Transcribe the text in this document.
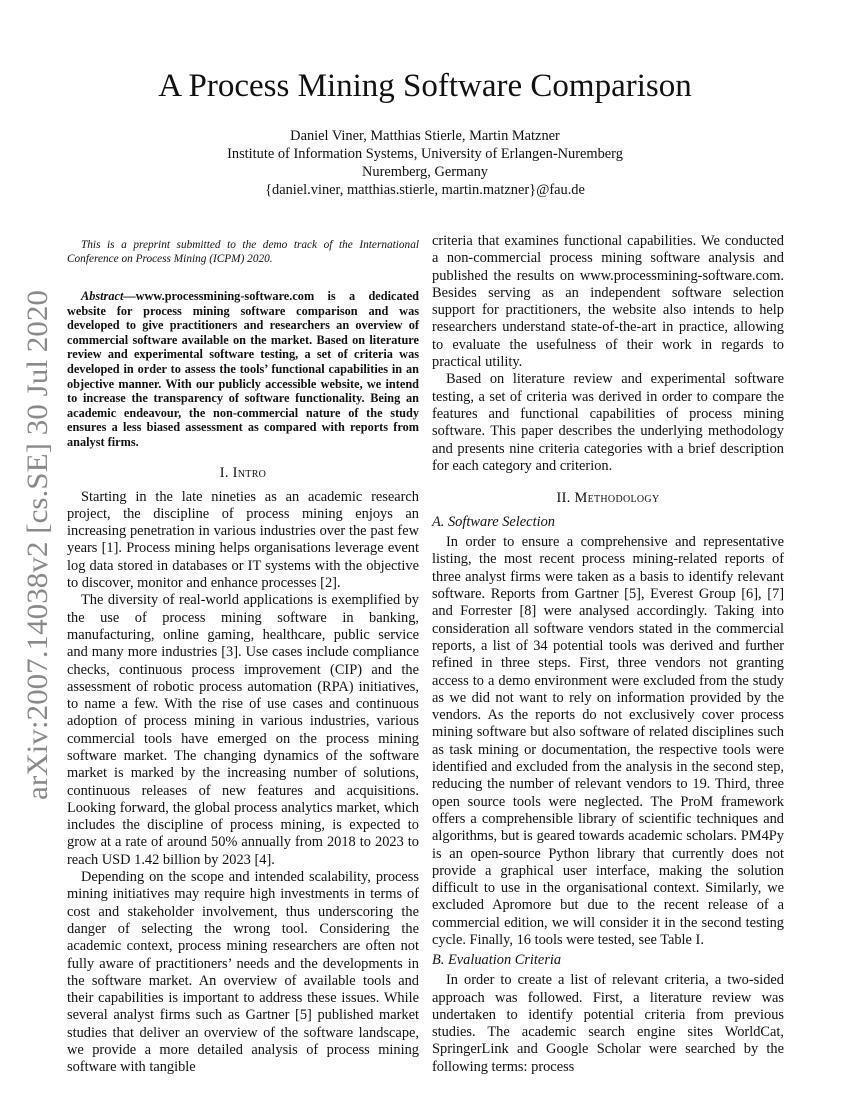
arXiv:2007.14038v2 [cs.SE] 30 Jul 2020
A Process Mining Software Comparison
Daniel Viner, Matthias Stierle, Martin Matzner
Institute of Information Systems, University of Erlangen-Nuremberg
Nuremberg, Germany
{daniel.viner, matthias.stierle, martin.matzner}@fau.de

This is a preprint submitted to the demo track of the International Conference on Process Mining (ICPM) 2020.

Abstract—www.processmining-software.com is a dedicated website for process mining software comparison and was developed to give practitioners and researchers an overview of commercial software available on the market. Based on literature review and experimental software testing, a set of criteria was developed in order to assess the tools’ functional capabilities in an objective manner. With our publicly accessible website, we intend to increase the transparency of software functionality. Being an academic endeavour, the non-commercial nature of the study ensures a less biased assessment as compared with reports from analyst firms.

I. Intro

Starting in the late nineties as an academic research project, the discipline of process mining enjoys an increasing penetration in various industries over the past few years [1]. Process mining helps organisations leverage event log data stored in databases or IT systems with the objective to discover, monitor and enhance processes [2].

The diversity of real-world applications is exemplified by the use of process mining software in banking, manufacturing, online gaming, healthcare, public service and many more industries [3]. Use cases include compliance checks, continuous process improvement (CIP) and the assessment of robotic process automation (RPA) initiatives, to name a few. With the rise of use cases and continuous adoption of process mining in various industries, various commercial tools have emerged on the process mining software market. The changing dynamics of the software market is marked by the increasing number of solutions, continuous releases of new features and acquisitions. Looking forward, the global process analytics market, which includes the discipline of process mining, is expected to grow at a rate of around 50% annually from 2018 to 2023 to reach USD 1.42 billion by 2023 [4].

Depending on the scope and intended scalability, process mining initiatives may require high investments in terms of cost and stakeholder involvement, thus underscoring the danger of selecting the wrong tool. Considering the academic context, process mining researchers are often not fully aware of practitioners’ needs and the developments in the software market. An overview of available tools and their capabilities is important to address these issues. While several analyst firms such as Gartner [5] published market studies that deliver an overview of the software landscape, we provide a more detailed analysis of process mining software with tangible

criteria that examines functional capabilities. We conducted a non-commercial process mining software analysis and published the results on www.processmining-software.com. Besides serving as an independent software selection support for practitioners, the website also intends to help researchers understand state-of-the-art in practice, allowing to evaluate the usefulness of their work in regards to practical utility.

Based on literature review and experimental software testing, a set of criteria was derived in order to compare the features and functional capabilities of process mining software. This paper describes the underlying methodology and presents nine criteria categories with a brief description for each category and criterion.

II. Methodology
A. Software Selection

In order to ensure a comprehensive and representative listing, the most recent process mining-related reports of three analyst firms were taken as a basis to identify relevant software. Reports from Gartner [5], Everest Group [6], [7] and Forrester [8] were analysed accordingly. Taking into consideration all software vendors stated in the commercial reports, a list of 34 potential tools was derived and further refined in three steps. First, three vendors not granting access to a demo environment were excluded from the study as we did not want to rely on information provided by the vendors. As the reports do not exclusively cover process mining software but also software of related disciplines such as task mining or documentation, the respective tools were identified and excluded from the analysis in the second step, reducing the number of relevant vendors to 19. Third, three open source tools were neglected. The ProM framework offers a comprehensible library of scientific techniques and algorithms, but is geared towards academic scholars. PM4Py is an open-source Python library that currently does not provide a graphical user interface, making the solution difficult to use in the organisational context. Similarly, we excluded Apromore but due to the recent release of a commercial edition, we will consider it in the second testing cycle. Finally, 16 tools were tested, see Table I.

B. Evaluation Criteria

In order to create a list of relevant criteria, a two-sided approach was followed. First, a literature review was undertaken to identify potential criteria from previous studies. The academic search engine sites WorldCat, SpringerLink and Google Scholar were searched by the following terms: process
